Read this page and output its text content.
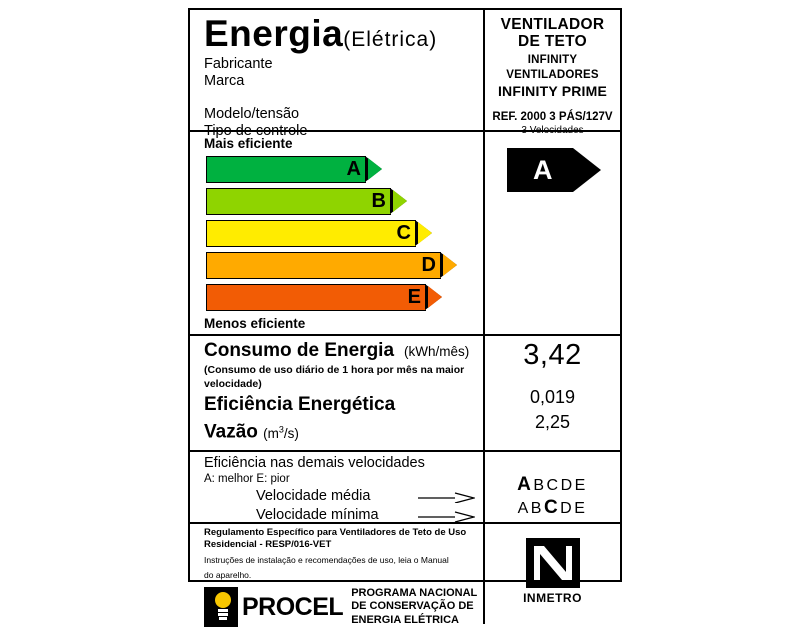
Energia (Elétrica)
Fabricante
Marca
Modelo/tensão
Tipo de controle
VENTILADOR
DE TETO
INFINITY VENTILADORES
INFINITY PRIME
REF. 2000 3 PÁS/127V
3 Velocidades
Mais eficiente
A
B
C
D
E
Menos eficiente
A
Consumo de Energia (kWh/mês)
(Consumo de uso diário de 1 hora por mês na maior velocidade)
Eficiência Energética
Vazão $(m^3/s)$
3,42
0,019
2,25
Eficiência nas demais velocidades
A: melhor E: pior
Velocidade média
Velocidade mínima
ABCDE
ABCDE
Regulamento Específico para Ventiladores de Teto de Uso
Residencial - RESP/016-VET
Instruções de instalação e recomendações de uso, leia o Manual
do aparelho.
PROCEL
PROGRAMA NACIONAL
DE CONSERVAÇÃO DE
ENERGIA ELÉTRICA
INMETRO
